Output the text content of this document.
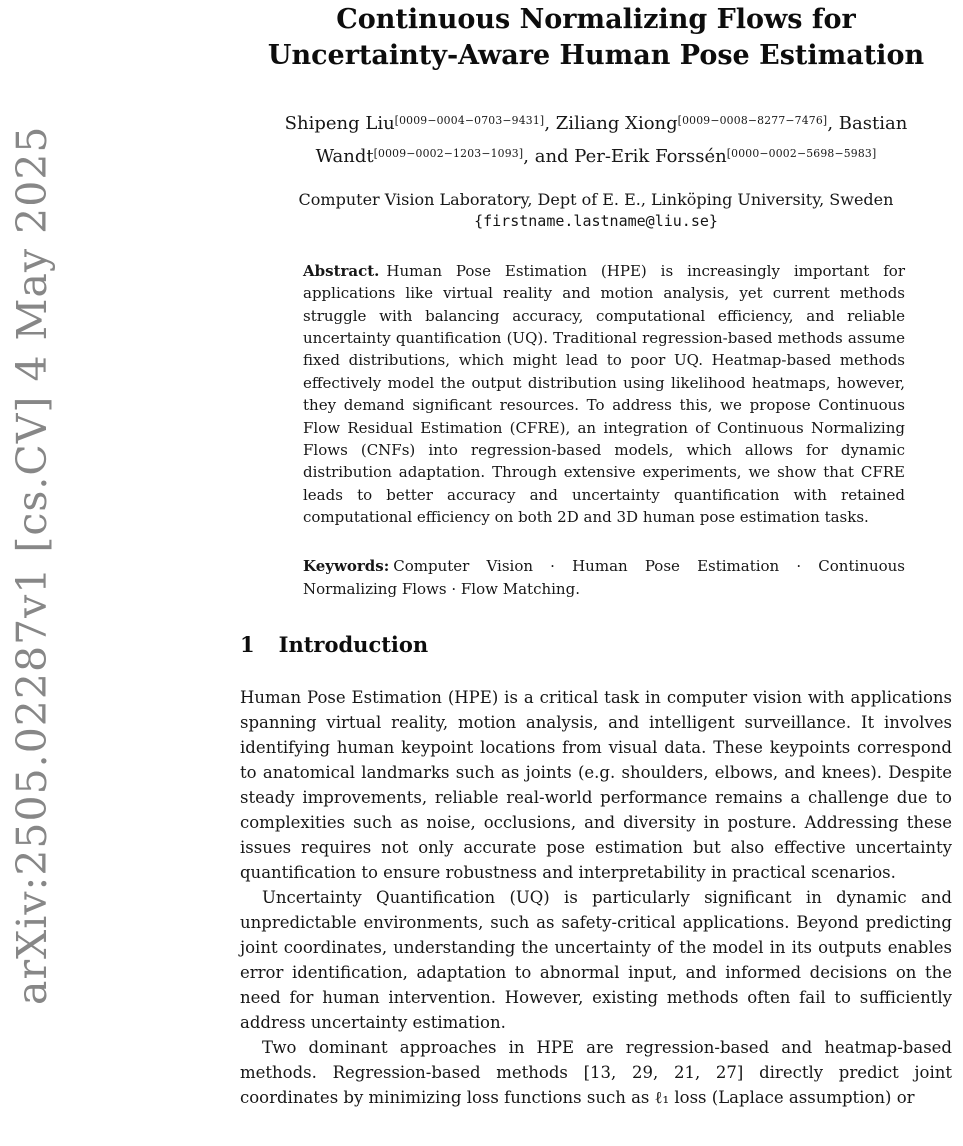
arXiv:2505.02287v1 [cs.CV] 4 May 2025
Continuous Normalizing Flows for
Uncertainty-Aware Human Pose Estimation
Shipeng Liu[0009−0004−0703−9431], Ziliang Xiong[0009−0008−8277−7476], Bastian
Wandt[0009−0002−1203−1093], and Per-Erik Forssén[0000−0002−5698−5983]
Computer Vision Laboratory, Dept of E. E., Linköping University, Sweden
{firstname.lastname@liu.se}
Abstract. Human Pose Estimation (HPE) is increasingly important for applications like virtual reality and motion analysis, yet current methods struggle with balancing accuracy, computational efficiency, and reliable uncertainty quantification (UQ). Traditional regression-based methods assume fixed distributions, which might lead to poor UQ. Heatmap-based methods effectively model the output distribution using likelihood heatmaps, however, they demand significant resources. To address this, we propose Continuous Flow Residual Estimation (CFRE), an integration of Continuous Normalizing Flows (CNFs) into regression-based models, which allows for dynamic distribution adaptation. Through extensive experiments, we show that CFRE leads to better accuracy and uncertainty quantification with retained computational efficiency on both 2D and 3D human pose estimation tasks.
Keywords: Computer Vision · Human Pose Estimation · Continuous Normalizing Flows · Flow Matching.
1 Introduction

Human Pose Estimation (HPE) is a critical task in computer vision with applications spanning virtual reality, motion analysis, and intelligent surveillance. It involves identifying human keypoint locations from visual data. These keypoints correspond to anatomical landmarks such as joints (e.g. shoulders, elbows, and knees). Despite steady improvements, reliable real-world performance remains a challenge due to complexities such as noise, occlusions, and diversity in posture. Addressing these issues requires not only accurate pose estimation but also effective uncertainty quantification to ensure robustness and interpretability in practical scenarios.

Uncertainty Quantification (UQ) is particularly significant in dynamic and unpredictable environments, such as safety-critical applications. Beyond predicting joint coordinates, understanding the uncertainty of the model in its outputs enables error identification, adaptation to abnormal input, and informed decisions on the need for human intervention. However, existing methods often fail to sufficiently address uncertainty estimation.

Two dominant approaches in HPE are regression-based and heatmap-based methods. Regression-based methods [13, 29, 21, 27] directly predict joint coordinates by minimizing loss functions such as ℓ₁ loss (Laplace assumption) or
